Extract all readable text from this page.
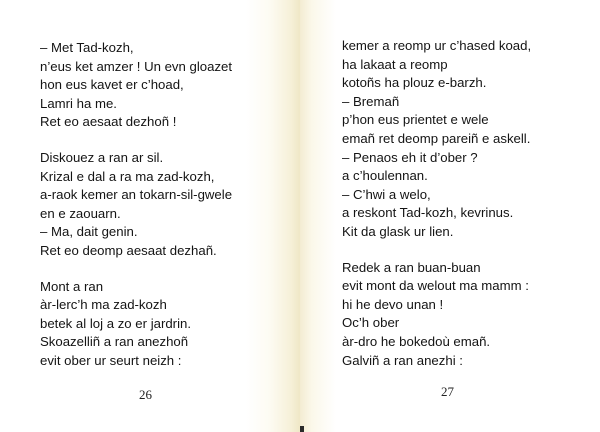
– Met Tad-kozh,
n’eus ket amzer ! Un evn gloazet
hon eus kavet er c’hoad,
Lamri ha me.
Ret eo aesaat dezhoñ !
Diskouez a ran ar sil.
Krizal e dal a ra ma zad-kozh,
a-raok kemer an tokarn-sil-gwele
en e zaouarn.
– Ma, dait genin.
Ret eo deomp aesaat dezhañ.
Mont a ran
àr-lerc’h ma zad-kozh
betek al loj a zo er jardrin.
Skoazelliñ a ran anezhoñ
evit ober ur seurt neizh :
26
kemer a reomp ur c’hased koad,
ha lakaat a reomp
kotoñs ha plouz e-barzh.
– Bremañ
p’hon eus prientet e wele
emañ ret deomp pareiñ e askell.
– Penaos eh it d’ober ?
a c’houlennan.
– C’hwi a welo,
a reskont Tad-kozh, kevrinus.
Kit da glask ur lien.
Redek a ran buan-buan
evit mont da welout ma mamm :
hi he devo unan !
Oc’h ober
àr-dro he bokedoù emañ.
Galviñ a ran anezhi :
27
